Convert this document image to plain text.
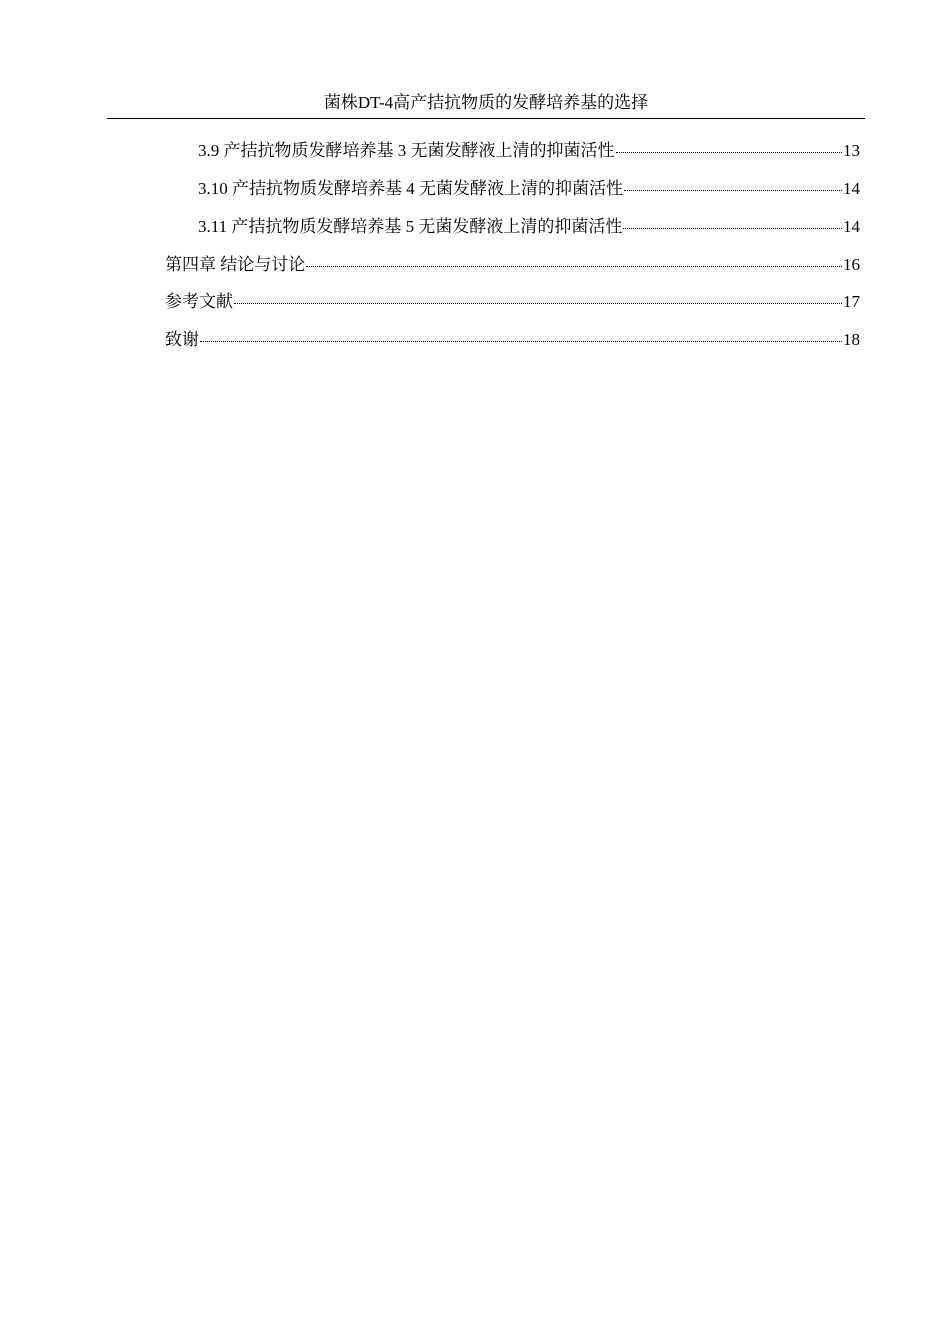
菌株DT-4高产拮抗物质的发酵培养基的选择
3.9 产拮抗物质发酵培养基 3 无菌发酵液上清的抑菌活性	13
3.10 产拮抗物质发酵培养基 4 无菌发酵液上清的抑菌活性	14
3.11 产拮抗物质发酵培养基 5 无菌发酵液上清的抑菌活性	14
第四章 结论与讨论	16
参考文献	17
致谢	18
